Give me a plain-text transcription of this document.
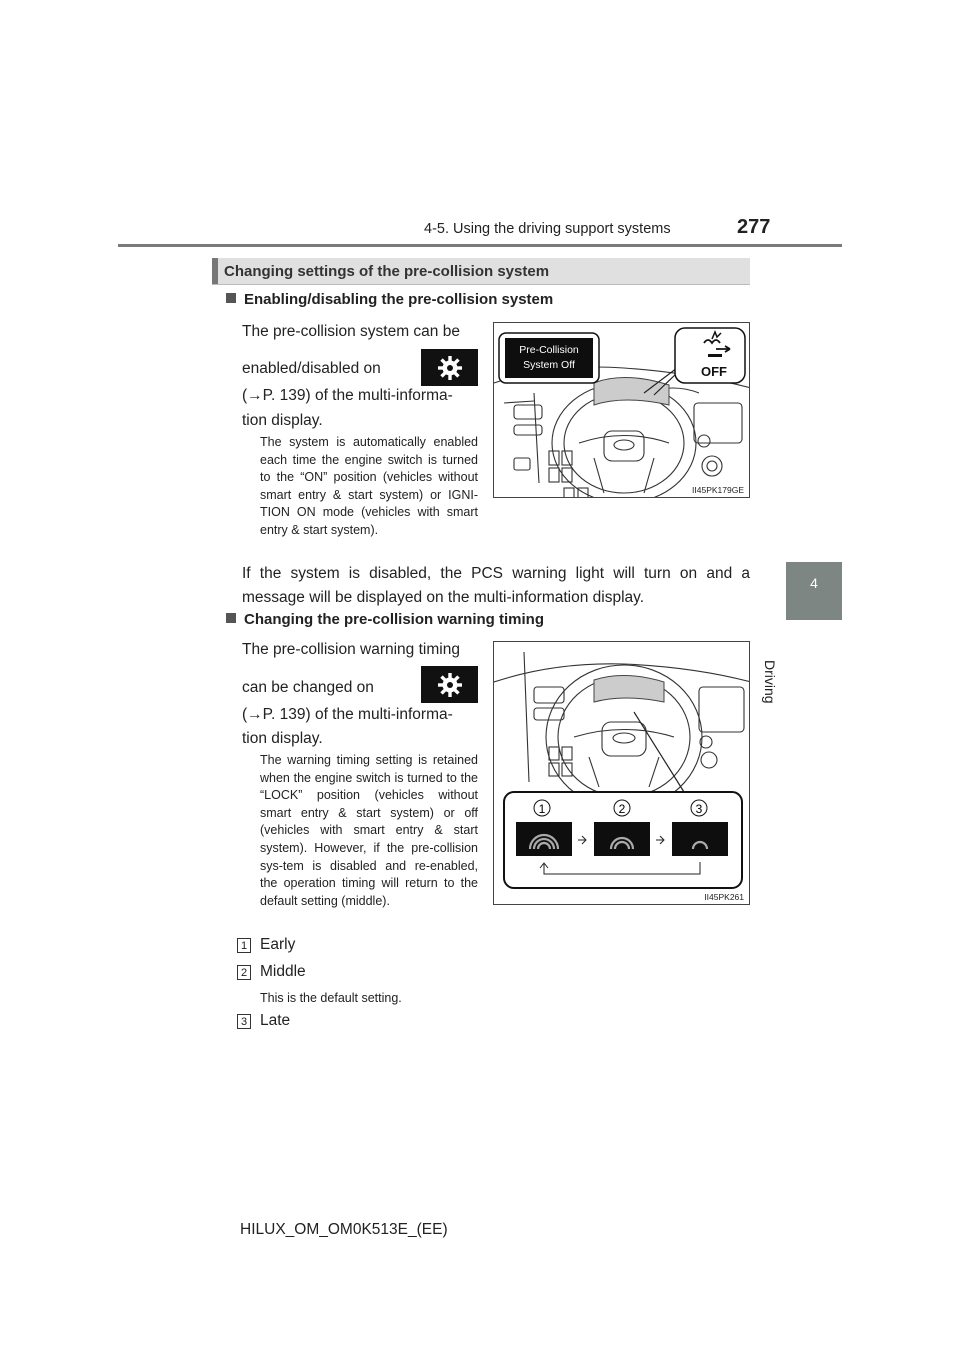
4-5. Using the driving support systems	277
4
Driving
Changing settings of the pre-collision system
Enabling/disabling the pre-collision system
The pre-collision system can be
enabled/disabled on
(→P. 139) of the multi-informa-
tion display.
The system is automatically enabled each time the engine switch is turned to the “ON” position (vehicles without smart entry & start system) or IGNI-TION ON mode (vehicles with smart entry & start system).
Pre-Collision
System Off	OFF
II45PK179GE
If the system is disabled, the PCS warning light will turn on and a message will be displayed on the multi-information display.
Changing the pre-collision warning timing
The pre-collision warning timing
can be changed on
(→P. 139) of the multi-informa-
tion display.
The warning timing setting is retained when the engine switch is turned to the “LOCK” position (vehicles without smart entry & start system) or off (vehicles with smart entry & start system). However, if the pre-collision sys-tem is disabled and re-enabled, the operation timing will return to the default setting (middle).
1	2	3
II45PK261
1 Early
2 Middle
This is the default setting.
3 Late
HILUX_OM_OM0K513E_(EE)
